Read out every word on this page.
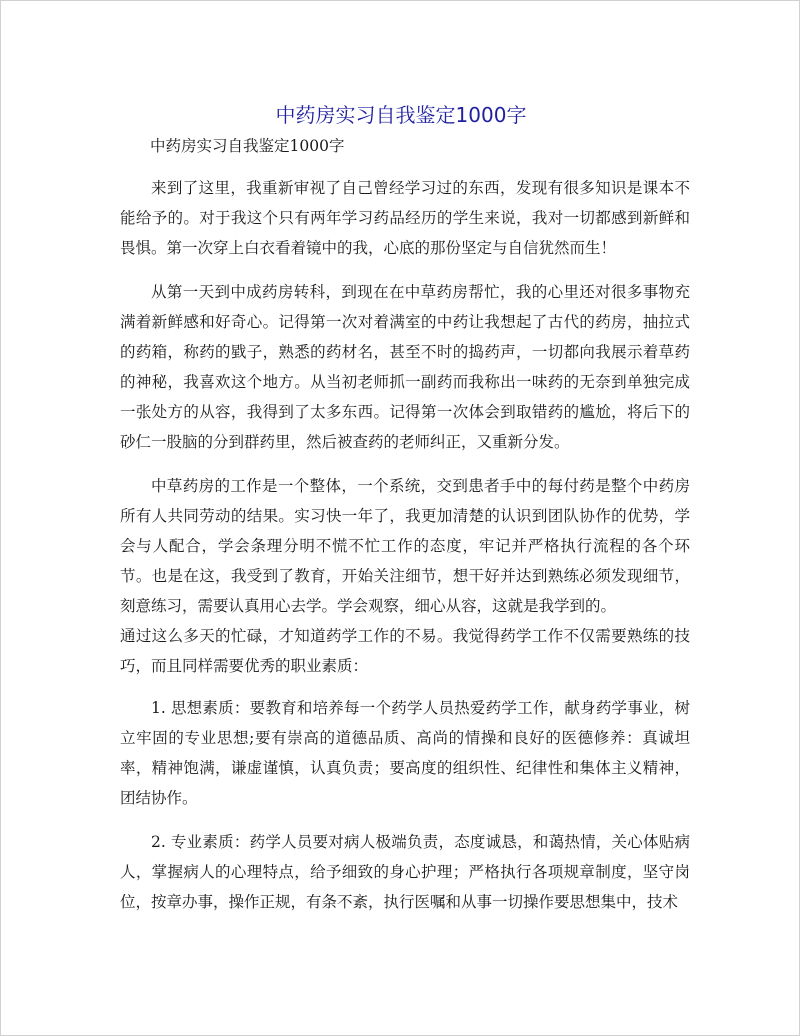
中药房实习自我鉴定1000字

中药房实习自我鉴定1000字

来到了这里，我重新审视了自己曾经学习过的东西，发现有很多知识是课本不能给予的。对于我这个只有两年学习药品经历的学生来说，我对一切都感到新鲜和畏惧。第一次穿上白衣看着镜中的我，心底的那份坚定与自信犹然而生！

从第一天到中成药房转科，到现在在中草药房帮忙，我的心里还对很多事物充满着新鲜感和好奇心。记得第一次对着满室的中药让我想起了古代的药房，抽拉式的药箱，称药的戥子，熟悉的药材名，甚至不时的捣药声，一切都向我展示着草药的神秘，我喜欢这个地方。从当初老师抓一副药而我称出一味药的无奈到单独完成一张处方的从容，我得到了太多东西。记得第一次体会到取错药的尴尬，将后下的砂仁一股脑的分到群药里，然后被查药的老师纠正，又重新分发。

中草药房的工作是一个整体，一个系统，交到患者手中的每付药是整个中药房所有人共同劳动的结果。实习快一年了，我更加清楚的认识到团队协作的优势，学会与人配合，学会条理分明不慌不忙工作的态度，牢记并严格执行流程的各个环节。也是在这，我受到了教育，开始关注细节，想干好并达到熟练必须发现细节，刻意练习，需要认真用心去学。学会观察，细心从容，这就是我学到的。

通过这么多天的忙碌，才知道药学工作的不易。我觉得药学工作不仅需要熟练的技巧，而且同样需要优秀的职业素质：

1. 思想素质：要教育和培养每一个药学人员热爱药学工作，献身药学事业，树立牢固的专业思想;要有崇高的道德品质、高尚的情操和良好的医德修养：真诚坦率，精神饱满，谦虚谨慎，认真负责；要高度的组织性、纪律性和集体主义精神，团结协作。

2. 专业素质：药学人员要对病人极端负责，态度诚恳，和蔼热情，关心体贴病人，掌握病人的心理特点，给予细致的身心护理；严格执行各项规章制度，坚守岗位，按章办事，操作正规，有条不紊，执行医嘱和从事一切操作要思想集中，技术
